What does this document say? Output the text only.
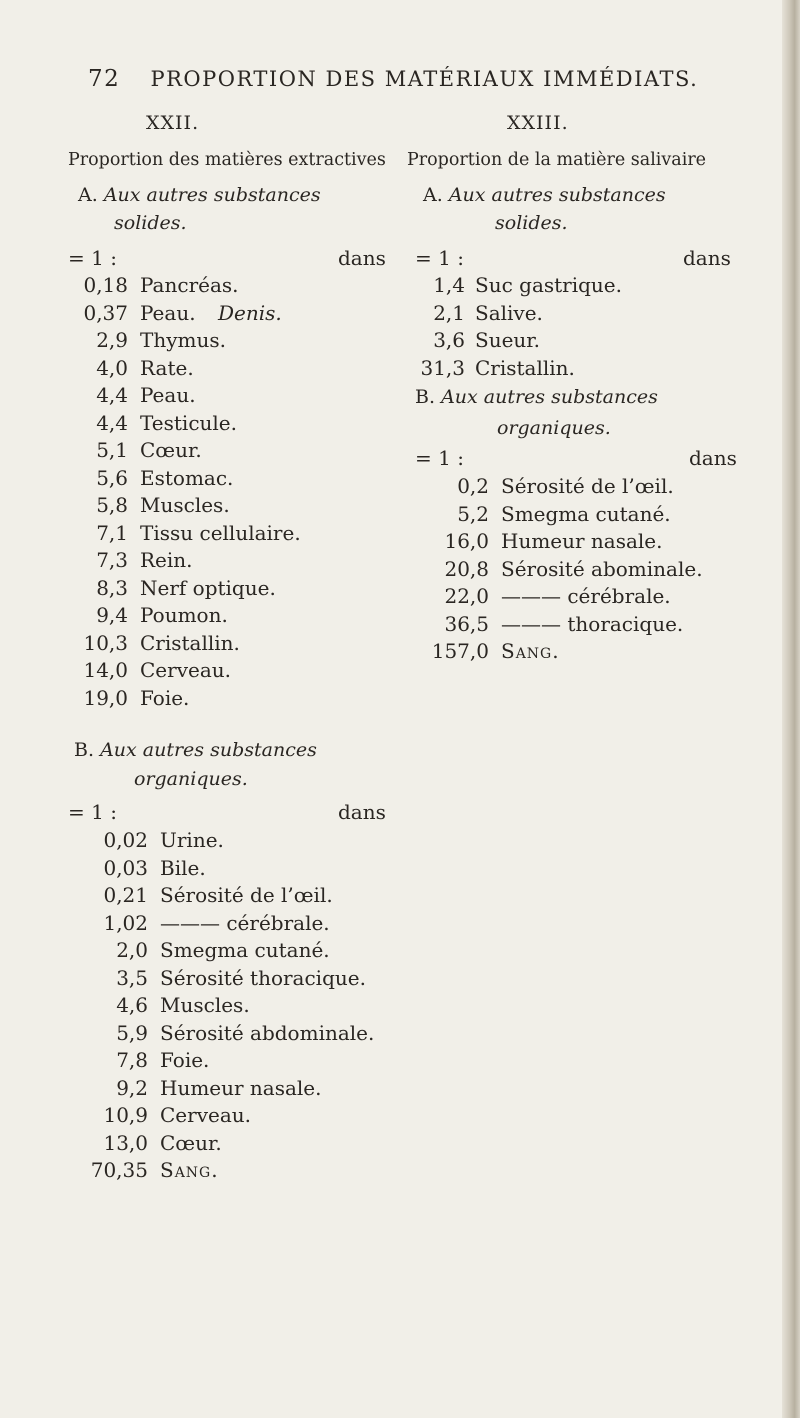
72 PROPORTION DES MATÉRIAUX IMMÉDIATS.
XXII.
Proportion des matières extractives
A. Aux autres substances
solides.
= 1 :	dans
0,18 Pancréas.
0,37 Peau. Denis.
2,9 Thymus.
4,0 Rate.
4,4 Peau.
4,4 Testicule.
5,1 Cœur.
5,6 Estomac.
5,8 Muscles.
7,1 Tissu cellulaire.
7,3 Rein.
8,3 Nerf optique.
9,4 Poumon.
10,3 Cristallin.
14,0 Cerveau.
19,0 Foie.
B. Aux autres substances
organiques.
= 1 :	dans
0,02 Urine.
0,03 Bile.
0,21 Sérosité de l’œil.
1,02 ——— cérébrale.
2,0 Smegma cutané.
3,5 Sérosité thoracique.
4,6 Muscles.
5,9 Sérosité abdominale.
7,8 Foie.
9,2 Humeur nasale.
10,9 Cerveau.
13,0 Cœur.
70,35 Sang.
XXIII.
Proportion de la matière salivaire
A. Aux autres substances
solides.
= 1 :	dans
1,4 Suc gastrique.
2,1 Salive.
3,6 Sueur.
31,3 Cristallin.
B. Aux autres substances
organiques.
= 1 :	dans
0,2 Sérosité de l’œil.
5,2 Smegma cutané.
16,0 Humeur nasale.
20,8 Sérosité abominale.
22,0 ——— cérébrale.
36,5 ——— thoracique.
157,0 Sang.
